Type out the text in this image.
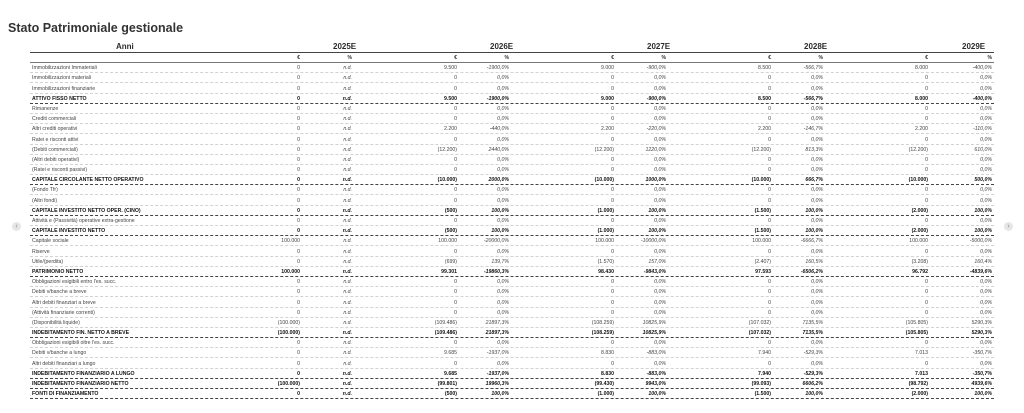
Stato Patrimoniale gestionale
‹	›
Anni	2025E	2026E	2027E	2028E	2029E
€	%	€	%	€	%	€	%	€	%
Immobilizzazioni Immateriali	0	n.d.	9.500	-1900,0%	9.000	-900,0%	8.500	-566,7%	8.000	-400,0%
Immobilizzazioni materiali	0	n.d.	0	0,0%	0	0,0%	0	0,0%	0	0,0%
Immobilizzazioni finanziarie	0	n.d.	0	0,0%	0	0,0%	0	0,0%	0	0,0%
ATTIVO FISSO NETTO	0	n.d.	9.500	-1900,0%	9.000	-900,0%	8.500	-566,7%	8.000	-400,0%
Rimanenze	0	n.d.	0	0,0%	0	0,0%	0	0,0%	0	0,0%
Crediti commerciali	0	n.d.	0	0,0%	0	0,0%	0	0,0%	0	0,0%
Altri crediti operativi	0	n.d.	2.200	-440,0%	2.200	-220,0%	2.200	-146,7%	2.200	-110,0%
Ratei e risconti attivi	0	n.d.	0	0,0%	0	0,0%	0	0,0%	0	0,0%
(Debiti commerciali)	0	n.d.	(12.200)	2440,0%	(12.200)	1220,0%	(12.200)	813,3%	(12.200)	610,0%
(Altri debiti operativi)	0	n.d.	0	0,0%	0	0,0%	0	0,0%	0	0,0%
(Ratei e risconti passivi)	0	n.d.	0	0,0%	0	0,0%	0	0,0%	0	0,0%
CAPITALE CIRCOLANTE NETTO OPERATIVO	0	n.d.	(10.000)	2000,0%	(10.000)	1000,0%	(10.000)	666,7%	(10.000)	500,0%
(Fondo Tfr)	0	n.d.	0	0,0%	0	0,0%	0	0,0%	0	0,0%
(Altri fondi)	0	n.d.	0	0,0%	0	0,0%	0	0,0%	0	0,0%
CAPITALE INVESTITO NETTO OPER. (CINO)	0	n.d.	(500)	100,0%	(1.000)	100,0%	(1.500)	100,0%	(2.000)	100,0%
Attività e (Passività) operative extra-gestione	0	n.d.	0	0,0%	0	0,0%	0	0,0%	0	0,0%
CAPITALE INVESTITO NETTO	0	n.d.	(500)	100,0%	(1.000)	100,0%	(1.500)	100,0%	(2.000)	100,0%
Capitale sociale	100.000	n.d.	100.000	-20000,0%	100.000	-10000,0%	100.000	-6666,7%	100.000	-5000,0%
Riserve	0	n.d.	0	0,0%	0	0,0%	0	0,0%	0	0,0%
Utile/(perdita)	0	n.d.	(699)	139,7%	(1.570)	157,0%	(2.407)	160,5%	(3.208)	160,4%
PATRIMONIO NETTO	100.000	n.d.	99.301	-19860,3%	98.430	-9843,0%	97.593	-6506,2%	96.792	-4839,6%
Obbligazioni esigibili entro l'es. succ.	0	n.d.	0	0,0%	0	0,0%	0	0,0%	0	0,0%
Debiti v/banche a breve	0	n.d.	0	0,0%	0	0,0%	0	0,0%	0	0,0%
Altri debiti finanziari a breve	0	n.d.	0	0,0%	0	0,0%	0	0,0%	0	0,0%
(Attività finanziarie correnti)	0	n.d.	0	0,0%	0	0,0%	0	0,0%	0	0,0%
(Disponibilità liquide)	(100.000)	n.d.	(109.486)	21897,3%	(108.259)	10825,9%	(107.032)	7135,5%	(105.805)	5290,3%
INDEBITAMENTO FIN. NETTO A BREVE	(100.000)	n.d.	(109.486)	21897,3%	(108.259)	10825,9%	(107.032)	7135,5%	(105.805)	5290,3%
Obbligazioni esigibili oltre l'es. succ.	0	n.d.	0	0,0%	0	0,0%	0	0,0%	0	0,0%
Debiti v/banche a lungo	0	n.d.	9.685	-1937,0%	8.830	-883,0%	7.940	-529,3%	7.013	-350,7%
Altri debiti finanziari a lungo	0	n.d.	0	0,0%	0	0,0%	0	0,0%	0	0,0%
INDEBITAMENTO FINANZIARIO A LUNGO	0	n.d.	9.685	-1937,0%	8.830	-883,0%	7.940	-529,3%	7.013	-350,7%
INDEBITAMENTO FINANZIARIO NETTO	(100.000)	n.d.	(99.801)	19960,3%	(99.430)	9943,0%	(99.093)	6606,2%	(98.792)	4939,6%
FONTI DI FINANZIAMENTO	0	n.d.	(500)	100,0%	(1.000)	100,0%	(1.500)	100,0%	(2.000)	100,0%
